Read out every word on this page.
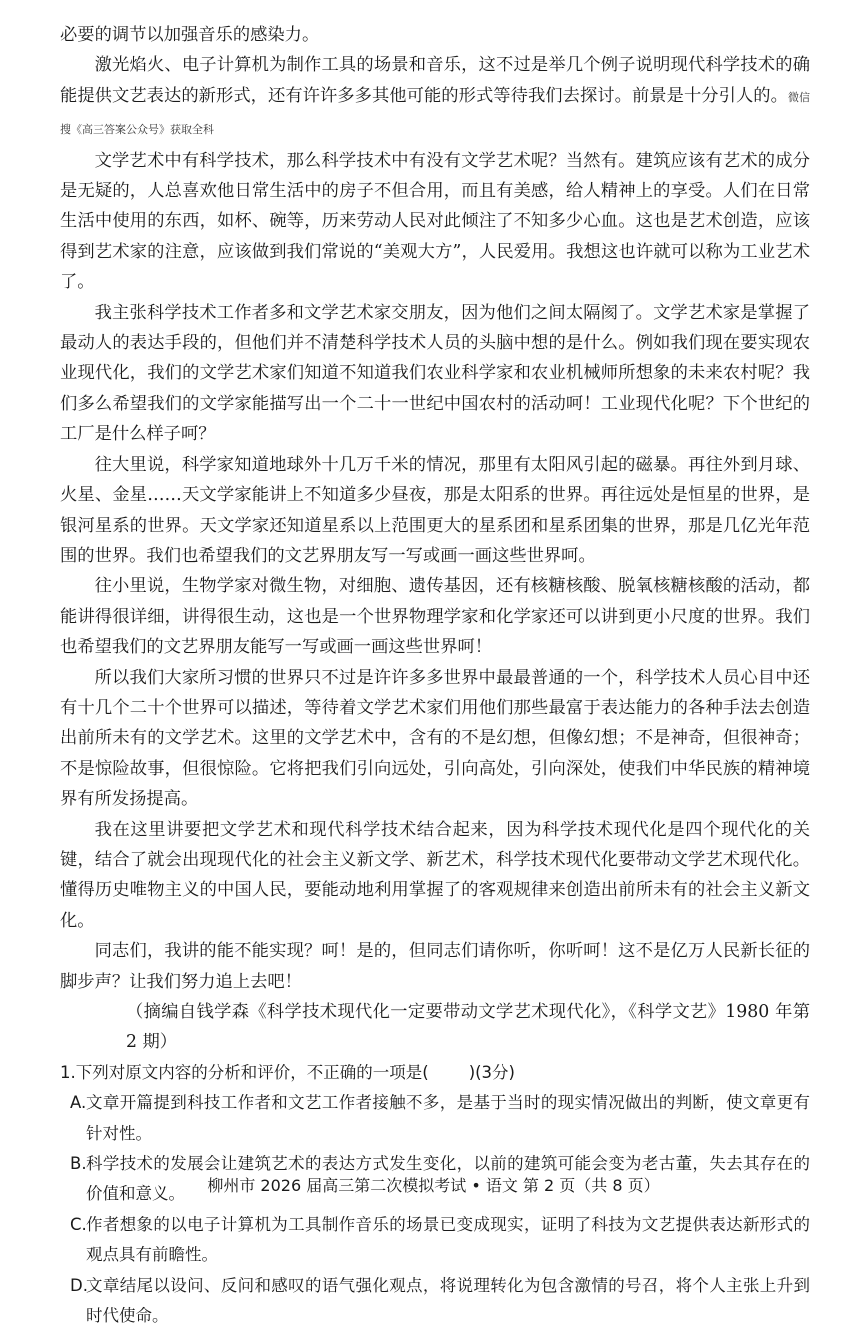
必要的调节以加强音乐的感染力。

激光焰火、电子计算机为制作工具的场景和音乐，这不过是举几个例子说明现代科学技术的确能提供文艺表达的新形式，还有许许多多其他可能的形式等待我们去探讨。前景是十分引人的。微信搜《高三答案公众号》获取全科

文学艺术中有科学技术，那么科学技术中有没有文学艺术呢？当然有。建筑应该有艺术的成分是无疑的，人总喜欢他日常生活中的房子不但合用，而且有美感，给人精神上的享受。人们在日常生活中使用的东西，如杯、碗等，历来劳动人民对此倾注了不知多少心血。这也是艺术创造，应该得到艺术家的注意，应该做到我们常说的“美观大方”，人民爱用。我想这也许就可以称为工业艺术了。

我主张科学技术工作者多和文学艺术家交朋友，因为他们之间太隔阂了。文学艺术家是掌握了最动人的表达手段的，但他们并不清楚科学技术人员的头脑中想的是什么。例如我们现在要实现农业现代化，我们的文学艺术家们知道不知道我们农业科学家和农业机械师所想象的未来农村呢？我们多么希望我们的文学家能描写出一个二十一世纪中国农村的活动呵！工业现代化呢？下个世纪的工厂是什么样子呵？

往大里说，科学家知道地球外十几万千米的情况，那里有太阳风引起的磁暴。再往外到月球、火星、金星……天文学家能讲上不知道多少昼夜，那是太阳系的世界。再往远处是恒星的世界，是银河星系的世界。天文学家还知道星系以上范围更大的星系团和星系团集的世界，那是几亿光年范围的世界。我们也希望我们的文艺界朋友写一写或画一画这些世界呵。

往小里说，生物学家对微生物，对细胞、遗传基因，还有核糖核酸、脱氧核糖核酸的活动，都能讲得很详细，讲得很生动，这也是一个世界物理学家和化学家还可以讲到更小尺度的世界。我们也希望我们的文艺界朋友能写一写或画一画这些世界呵！

所以我们大家所习惯的世界只不过是许许多多世界中最最普通的一个，科学技术人员心目中还有十几个二十个世界可以描述，等待着文学艺术家们用他们那些最富于表达能力的各种手法去创造出前所未有的文学艺术。这里的文学艺术中，含有的不是幻想，但像幻想；不是神奇，但很神奇；不是惊险故事，但很惊险。它将把我们引向远处，引向高处，引向深处，使我们中华民族的精神境界有所发扬提高。

我在这里讲要把文学艺术和现代科学技术结合起来，因为科学技术现代化是四个现代化的关键，结合了就会出现现代化的社会主义新文学、新艺术，科学技术现代化要带动文学艺术现代化。懂得历史唯物主义的中国人民，要能动地利用掌握了的客观规律来创造出前所未有的社会主义新文化。

同志们，我讲的能不能实现？呵！是的，但同志们请你听，你听呵！这不是亿万人民新长征的脚步声？让我们努力追上去吧！

（摘编自钱学森《科学技术现代化一定要带动文学艺术现代化》，《科学文艺》1980 年第 2 期）

1.下列对原文内容的分析和评价，不正确的一项是( )(3分)

A. 文章开篇提到科技工作者和文艺工作者接触不多，是基于当时的现实情况做出的判断，使文章更有针对性。
B. 科学技术的发展会让建筑艺术的表达方式发生变化，以前的建筑可能会变为老古董，失去其存在的价值和意义。
C. 作者想象的以电子计算机为工具制作音乐的场景已变成现实，证明了科技为文艺提供表达新形式的观点具有前瞻性。
D.
文章结尾以设问、反问和感叹的语气强化观点，将说理转化为包含激情的号召，将个人主张上升到时代使命。
柳州市 2026 届高三第二次模拟考试 • 语文 第 2 页（共 8 页）
